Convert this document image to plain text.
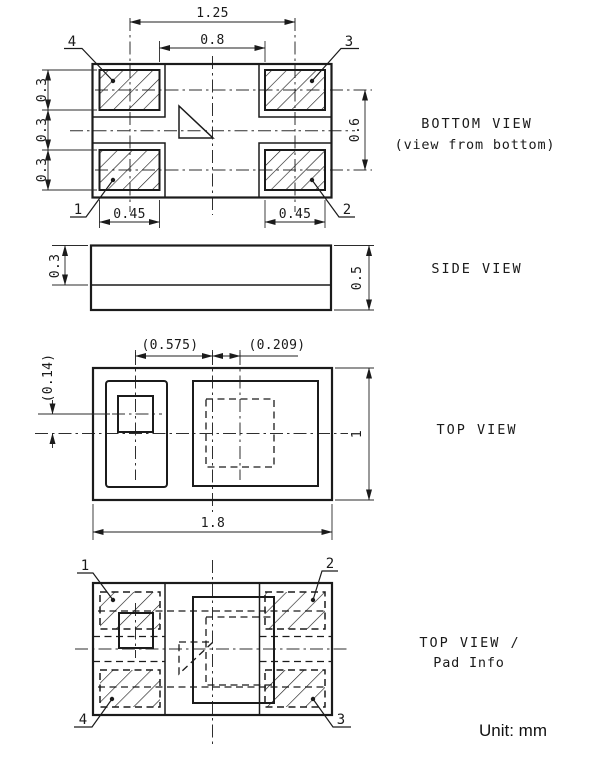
1.25
0.8
0.3
0.3
0.3
0.6
0.45	0.45
4	3
1	2
0.3	0.5
(0.575)	(0.209)
(0.14)
1
1.8
1	2
4	3
BOTTOM VIEW
(view from bottom)
SIDE VIEW
TOP VIEW
TOP VIEW /
Pad Info
Unit: mm
